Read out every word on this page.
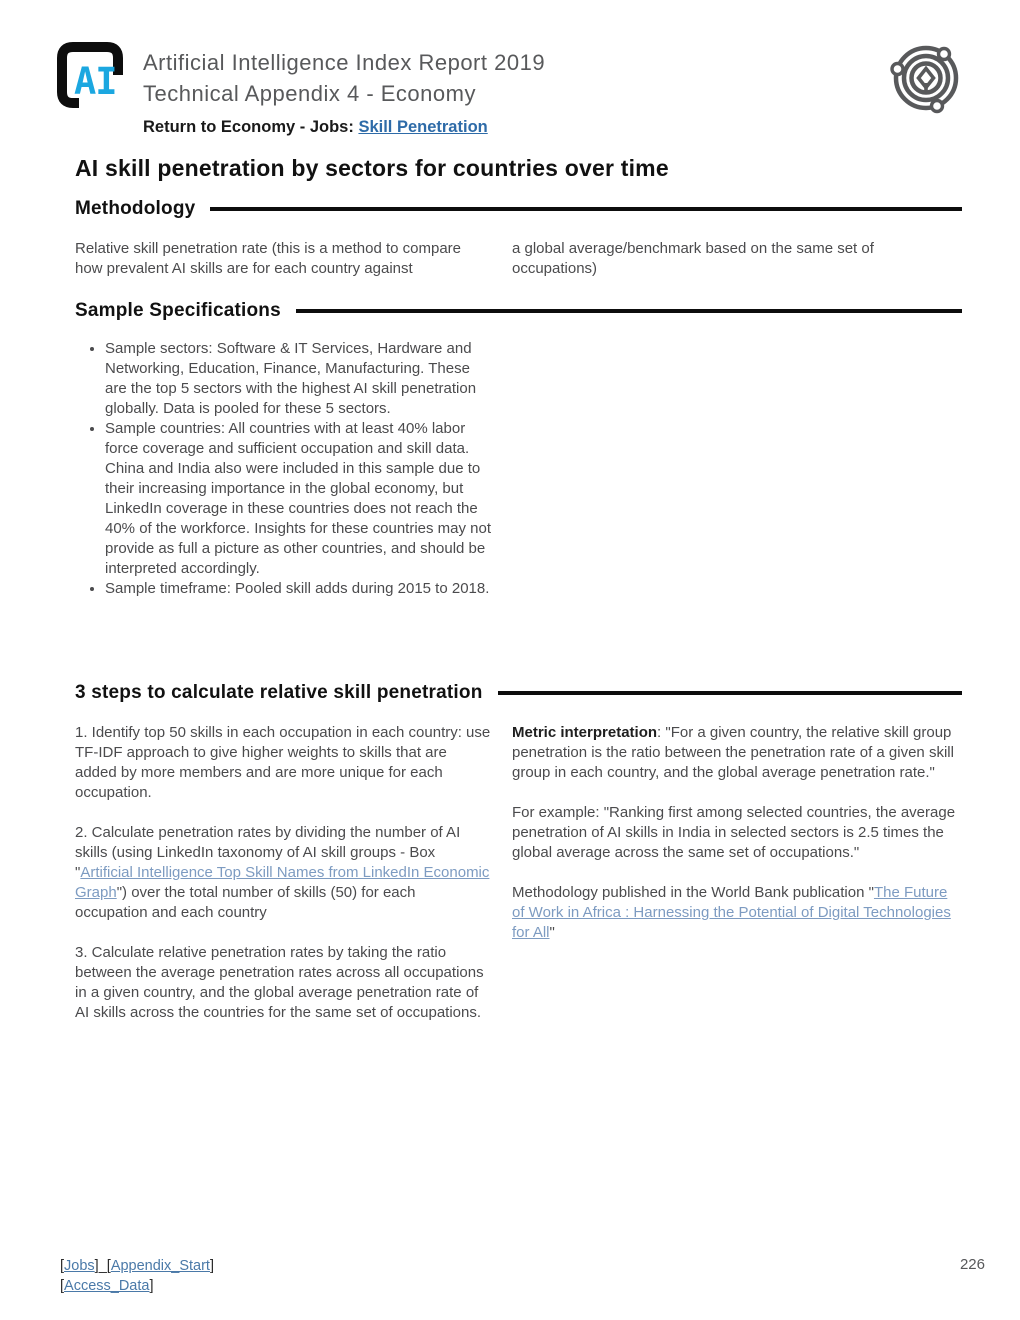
AI Artificial Intelligence Index Report 2019
Technical Appendix 4 - Economy
Return to Economy - Jobs: Skill Penetration
AI skill penetration by sectors for countries over time
Methodology
Relative skill penetration rate (this is a method to compare how prevalent AI skills are for each country against
a global average/benchmark based on the same set of occupations)
Sample Specifications
• Sample sectors: Software & IT Services, Hardware and Networking, Education, Finance, Manufacturing. These are the top 5 sectors with the highest AI skill penetration globally. Data is pooled for these 5 sectors.
• Sample countries: All countries with at least 40% labor force coverage and sufficient occupation and skill data. China and India also were included in this sample due to their increasing importance in the global economy, but LinkedIn coverage in these countries does not reach the 40% of the workforce. Insights for these countries may not provide as full a picture as other countries, and should be interpreted accordingly.
• Sample timeframe: Pooled skill adds during 2015 to 2018.
3 steps to calculate relative skill penetration

1. Identify top 50 skills in each occupation in each country: use TF-IDF approach to give higher weights to skills that are added by more members and are more unique for each occupation.

2. Calculate penetration rates by dividing the number of AI skills (using LinkedIn taxonomy of AI skill groups - Box "Artificial Intelligence Top Skill Names from LinkedIn Economic Graph") over the total number of skills (50) for each occupation and each country

3. Calculate relative penetration rates by taking the ratio between the average penetration rates across all occupations in a given country, and the global average penetration rate of AI skills across the countries for the same set of occupations.

Metric interpretation: "For a given country, the relative skill group penetration is the ratio between the penetration rate of a given skill group in each country, and the global average penetration rate."

For example: "Ranking first among selected countries, the average penetration of AI skills in India in selected sectors is 2.5 times the global average across the same set of occupations."

Methodology published in the World Bank publication "The Future of Work in Africa : Harnessing the Potential of Digital Technologies for All"

[Jobs]_[Appendix_Start]
[Access_Data]
226
